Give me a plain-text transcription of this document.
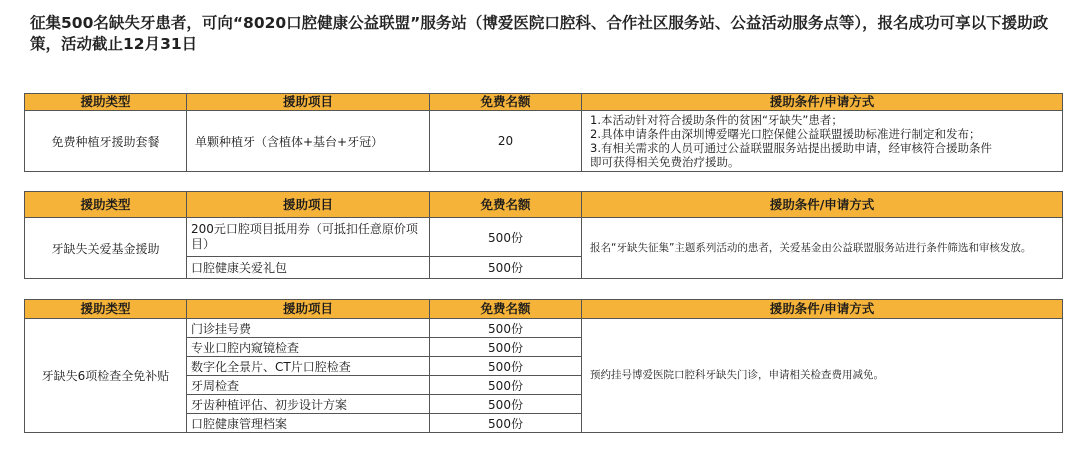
征集500名缺失牙患者，可向“8020口腔健康公益联盟”服务站（博爱医院口腔科、合作社区服务站、公益活动服务点等），报名成功可享以下援助政策，活动截止12月31日
援助类型	援助项目	免费名额	援助条件/申请方式
免费种植牙援助套餐	单颗种植牙（含植体+基台+牙冠）	20	1.本活动针对符合援助条件的贫困“牙缺失”患者；
2.具体申请条件由深圳博爱曙光口腔保健公益联盟援助标准进行制定和发布；
3.有相关需求的人员可通过公益联盟服务站提出援助申请，经审核符合援助条件
即可获得相关免费治疗援助。
援助类型	援助项目	免费名额	援助条件/申请方式
牙缺失关爱基金援助	200元口腔项目抵用券（可抵扣任意原价项目）	500份	报名“牙缺失征集”主题系列活动的患者，关爱基金由公益联盟服务站进行条件筛选和审核发放。
	口腔健康关爱礼包	500份	
援助类型	援助项目	免费名额	援助条件/申请方式
牙缺失6项检查全免补贴	门诊挂号费	500份	预约挂号博爱医院口腔科牙缺失门诊，申请相关检查费用减免。
	专业口腔内窥镜检查	500份	
	数字化全景片、CT片口腔检查	500份	
	牙周检查	500份	
	牙齿种植评估、初步设计方案	500份	
	口腔健康管理档案	500份	
